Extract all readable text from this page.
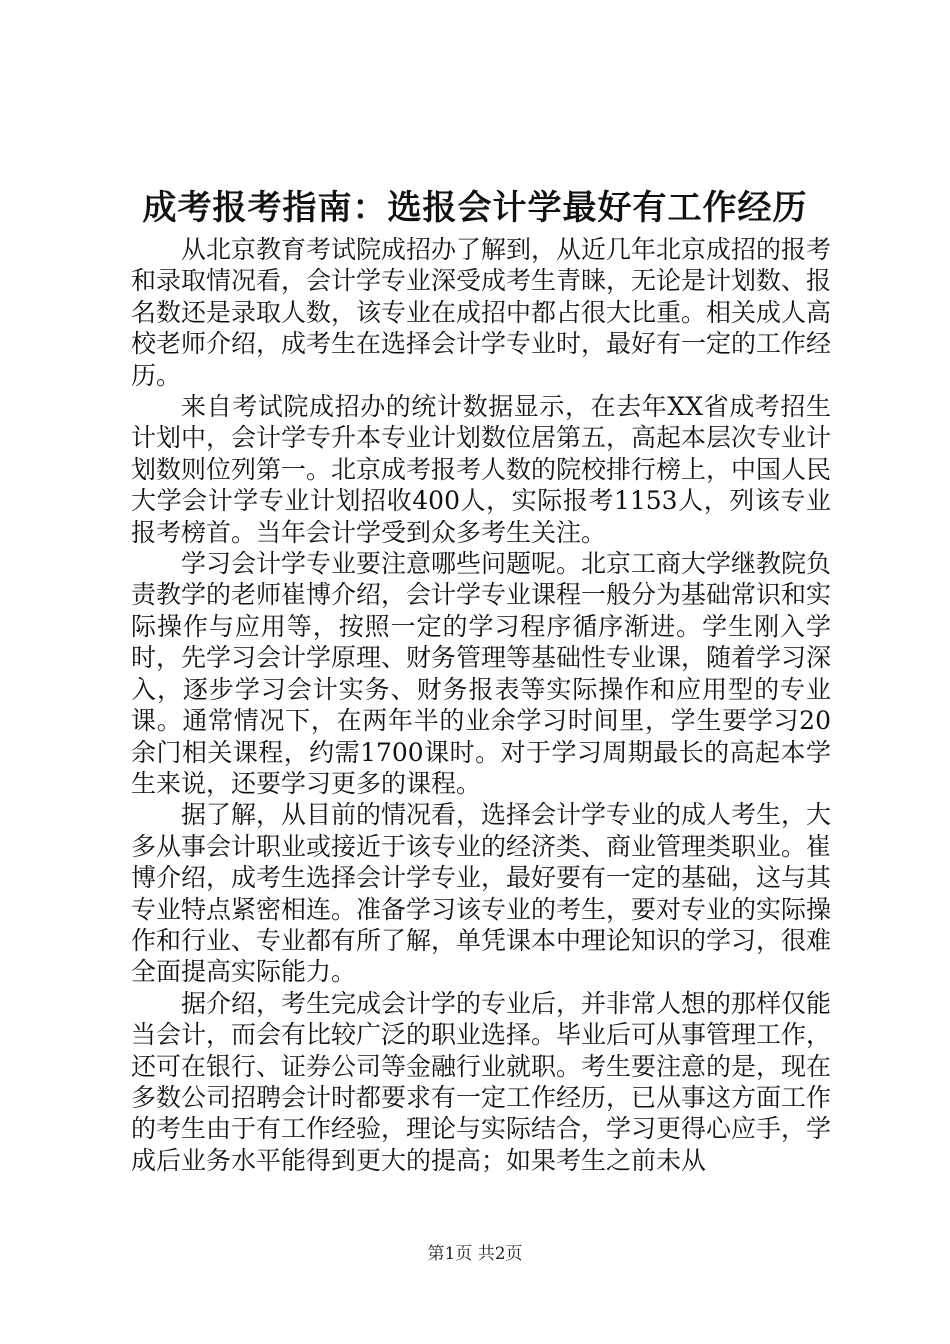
成考报考指南：选报会计学最好有工作经历

从北京教育考试院成招办了解到，从近几年北京成招的报考和录取情况看，会计学专业深受成考生青睐，无论是计划数、报名数还是录取人数，该专业在成招中都占很大比重。相关成人高校老师介绍，成考生在选择会计学专业时，最好有一定的工作经历。

来自考试院成招办的统计数据显示，在去年XX省成考招生计划中，会计学专升本专业计划数位居第五，高起本层次专业计划数则位列第一。北京成考报考人数的院校排行榜上，中国人民大学会计学专业计划招收400人，实际报考1153人，列该专业报考榜首。当年会计学受到众多考生关注。

学习会计学专业要注意哪些问题呢。北京工商大学继教院负责教学的老师崔博介绍，会计学专业课程一般分为基础常识和实际操作与应用等，按照一定的学习程序循序渐进。学生刚入学时，先学习会计学原理、财务管理等基础性专业课，随着学习深入，逐步学习会计实务、财务报表等实际操作和应用型的专业课。通常情况下，在两年半的业余学习时间里，学生要学习20余门相关课程，约需1700课时。对于学习周期最长的高起本学生来说，还要学习更多的课程。

据了解，从目前的情况看，选择会计学专业的成人考生，大多从事会计职业或接近于该专业的经济类、商业管理类职业。崔博介绍，成考生选择会计学专业，最好要有一定的基础，这与其专业特点紧密相连。准备学习该专业的考生，要对专业的实际操作和行业、专业都有所了解，单凭课本中理论知识的学习，很难全面提高实际能力。

据介绍，考生完成会计学的专业后，并非常人想的那样仅能当会计，而会有比较广泛的职业选择。毕业后可从事管理工作，还可在银行、证券公司等金融行业就职。考生要注意的是，现在多数公司招聘会计时都要求有一定工作经历，已从事这方面工作的考生由于有工作经验，理论与实际结合，学习更得心应手，学成后业务水平能得到更大的提高；如果考生之前未从

第1页 共2页
